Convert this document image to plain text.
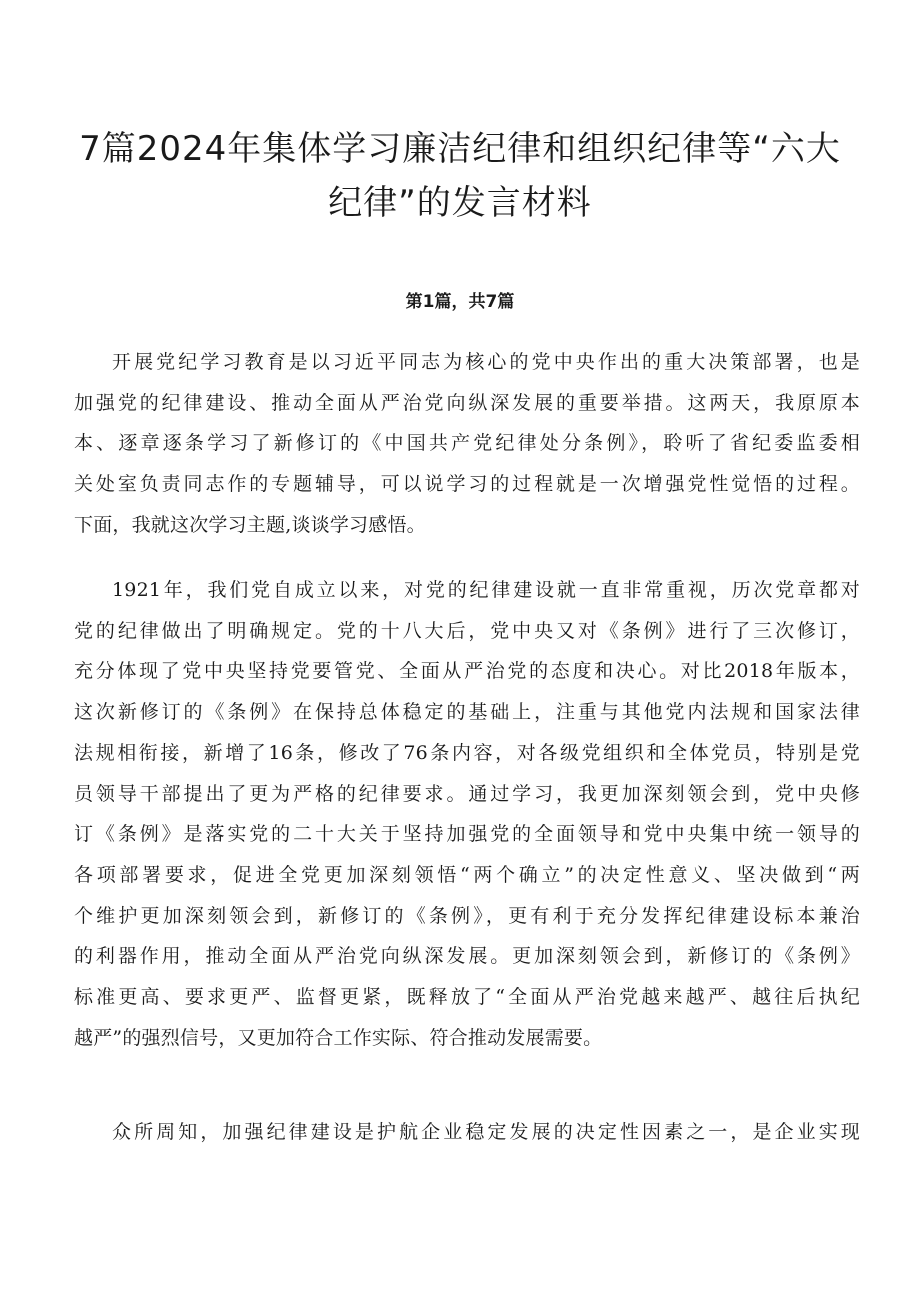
7篇2024年集体学习廉洁纪律和组织纪律等“六大
纪律”的发言材料
第1篇，共7篇

开展党纪学习教育是以习近平同志为核心的党中央作出的重大决策部署，也是
加强党的纪律建设、推动全面从严治党向纵深发展的重要举措。这两天，我原原本
本、逐章逐条学习了新修订的《中国共产党纪律处分条例》，聆听了省纪委监委相
关处室负责同志作的专题辅导，可以说学习的过程就是一次增强党性觉悟的过程。
下面，我就这次学习主题,谈谈学习感悟。

1921年，我们党自成立以来，对党的纪律建设就一直非常重视，历次党章都对
党的纪律做出了明确规定。党的十八大后，党中央又对《条例》进行了三次修订，
充分体现了党中央坚持党要管党、全面从严治党的态度和决心。对比2018年版本，
这次新修订的《条例》在保持总体稳定的基础上，注重与其他党内法规和国家法律
法规相衔接，新增了16条，修改了76条内容，对各级党组织和全体党员，特别是党
员领导干部提出了更为严格的纪律要求。通过学习，我更加深刻领会到，党中央修
订《条例》是落实党的二十大关于坚持加强党的全面领导和党中央集中统一领导的
各项部署要求，促进全党更加深刻领悟“两个确立”的决定性意义、坚决做到“两
个维护更加深刻领会到，新修订的《条例》，更有利于充分发挥纪律建设标本兼治
的利器作用，推动全面从严治党向纵深发展。更加深刻领会到，新修订的《条例》
标准更高、要求更严、监督更紧，既释放了“全面从严治党越来越严、越往后执纪
越严”的强烈信号，又更加符合工作实际、符合推动发展需要。

众所周知，加强纪律建设是护航企业稳定发展的决定性因素之一，是企业实现
